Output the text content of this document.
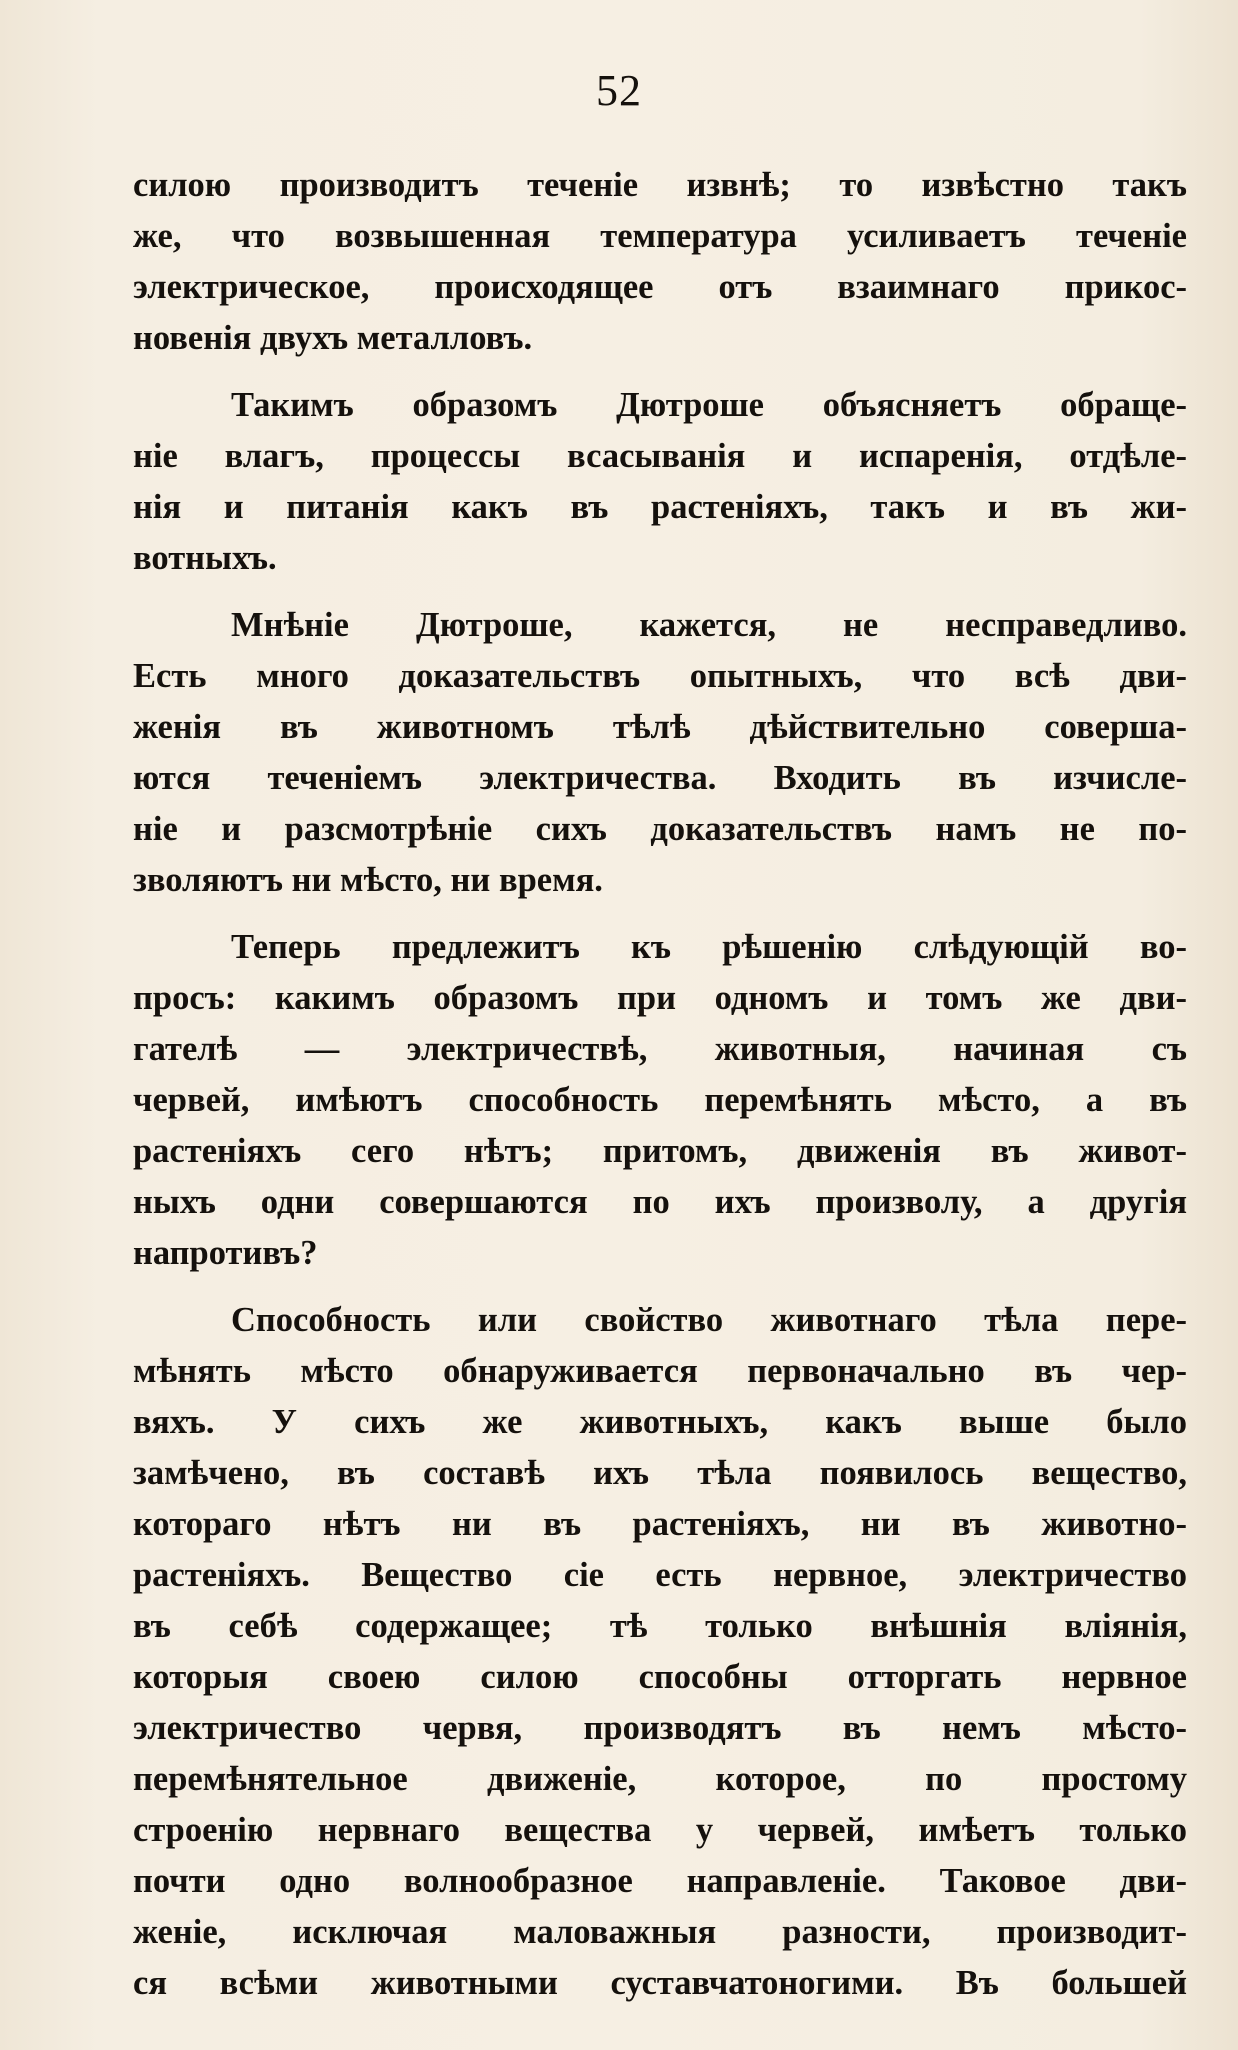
52
силою производитъ теченіе извнѣ; то извѣстно такъ
же, что возвышенная температура усиливаетъ теченіе
электрическое, происходящее отъ взаимнаго прикос-
новенія двухъ металловъ.
Такимъ образомъ Дютроше объясняетъ обраще-
ніе влагъ, процессы всасыванія и испаренія, отдѣле-
нія и питанія какъ въ растеніяхъ, такъ и въ жи-
вотныхъ.
Мнѣніе Дютроше, кажется, не несправедливо.
Есть много доказательствъ опытныхъ, что всѣ дви-
женія въ животномъ тѣлѣ дѣйствительно соверша-
ются теченіемъ электричества. Входить въ изчисле-
ніе и разсмотрѣніе сихъ доказательствъ намъ не по-
зволяютъ ни мѣсто, ни время.
Теперь предлежитъ къ рѣшенію слѣдующій во-
просъ: какимъ образомъ при одномъ и томъ же дви-
гателѣ — электричествѣ, животныя, начиная съ
червей, имѣютъ способность перемѣнять мѣсто, а въ
растеніяхъ сего нѣтъ; притомъ, движенія въ живот-
ныхъ одни совершаются по ихъ произволу, а другія
напротивъ?
Способность или свойство животнаго тѣла пере-
мѣнять мѣсто обнаруживается первоначально въ чер-
вяхъ. У сихъ же животныхъ, какъ выше было
замѣчено, въ составѣ ихъ тѣла появилось вещество,
котораго нѣтъ ни въ растеніяхъ, ни въ животно-
растеніяхъ. Вещество сіе есть нервное, электричество
въ себѣ содержащее; тѣ только внѣшнія вліянія,
которыя своею силою способны отторгать нервное
электричество червя, производятъ въ немъ мѣсто-
перемѣнятельное движеніе, которое, по простому
строенію нервнаго вещества у червей, имѣетъ только
почти одно волнообразное направленіе. Таковое дви-
женіе, исключая маловажныя разности, производит-
ся всѣми животными суставчатоногими. Въ большей
